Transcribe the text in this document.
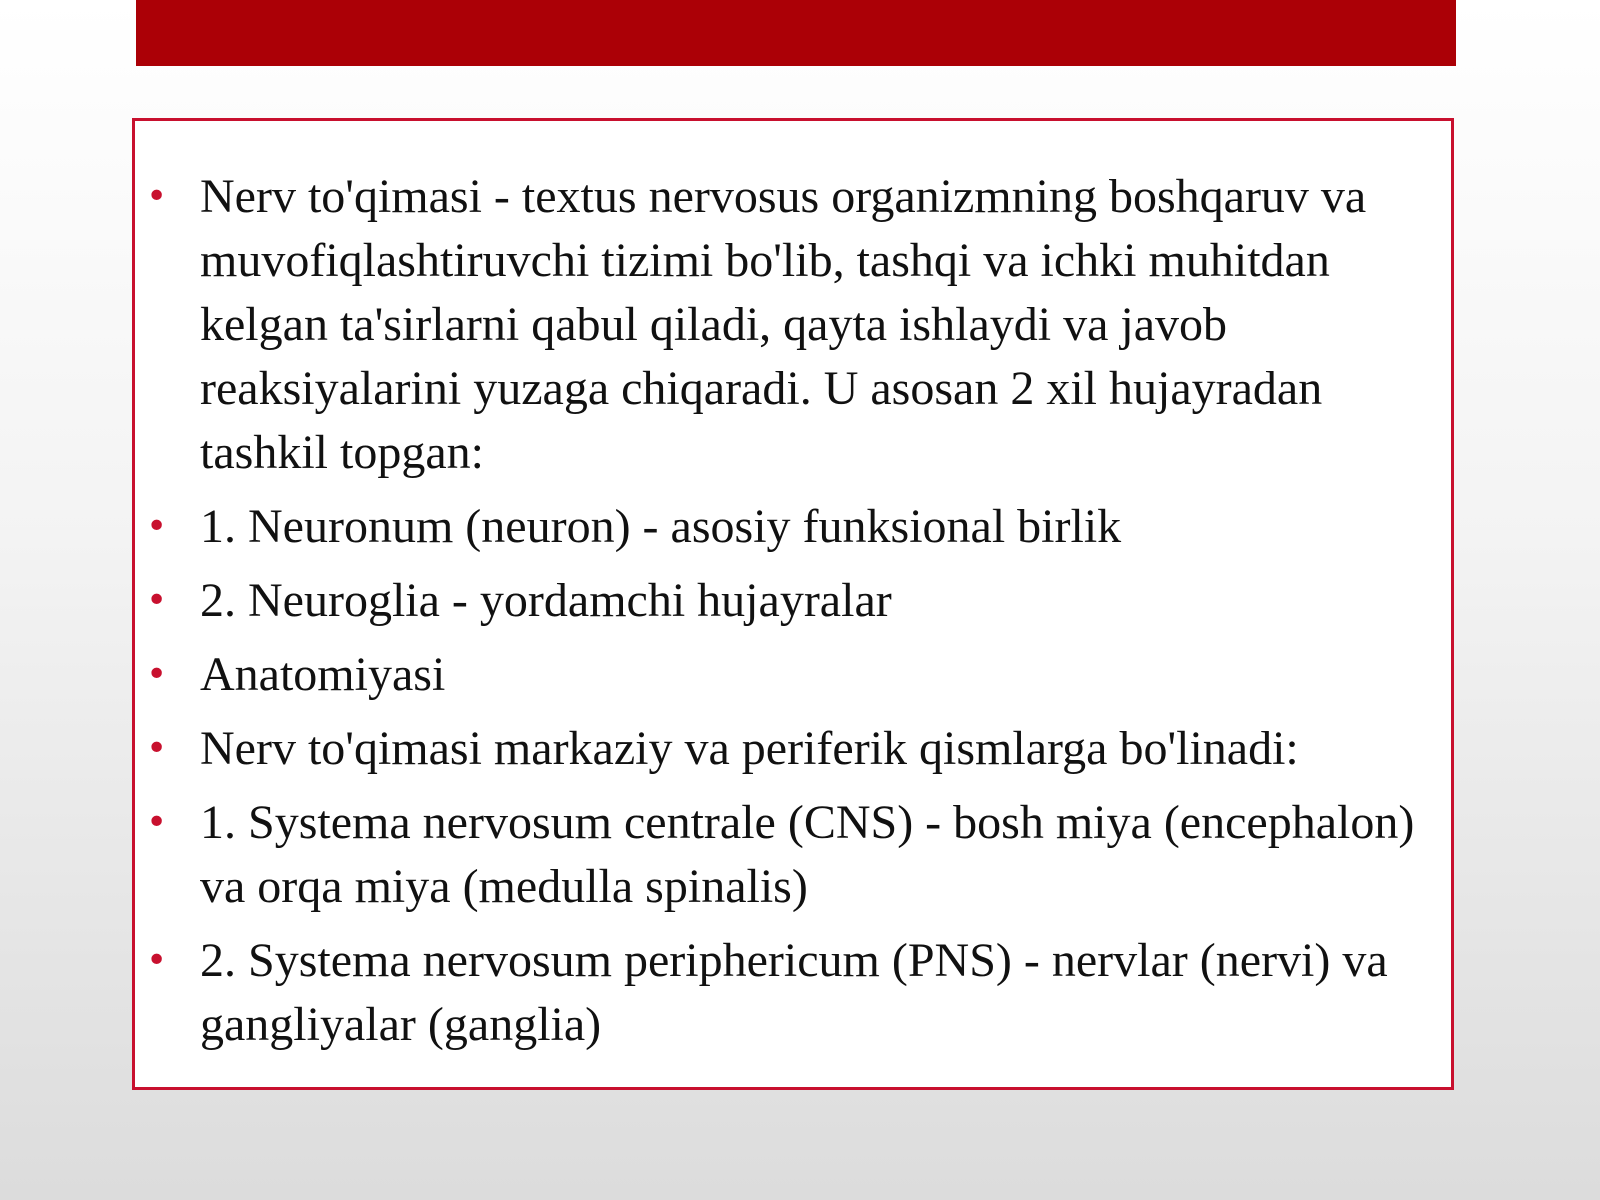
• Nerv to'qimasi - textus nervosus organizmning boshqaruv va muvofiqlashtiruvchi tizimi bo'lib, tashqi va ichki muhitdan kelgan ta'sirlarni qabul qiladi, qayta ishlaydi va javob reaksiyalarini yuzaga chiqaradi. U asosan 2 xil hujayradan tashkil topgan:
• 1. Neuronum (neuron) - asosiy funksional birlik
• 2. Neuroglia - yordamchi hujayralar
• Anatomiyasi
• Nerv to'qimasi markaziy va periferik qismlarga bo'linadi:
• 1. Systema nervosum centrale (CNS) - bosh miya (encephalon) va orqa miya (medulla spinalis)
• 2. Systema nervosum periphericum (PNS) - nervlar (nervi) va gangliyalar (ganglia)
